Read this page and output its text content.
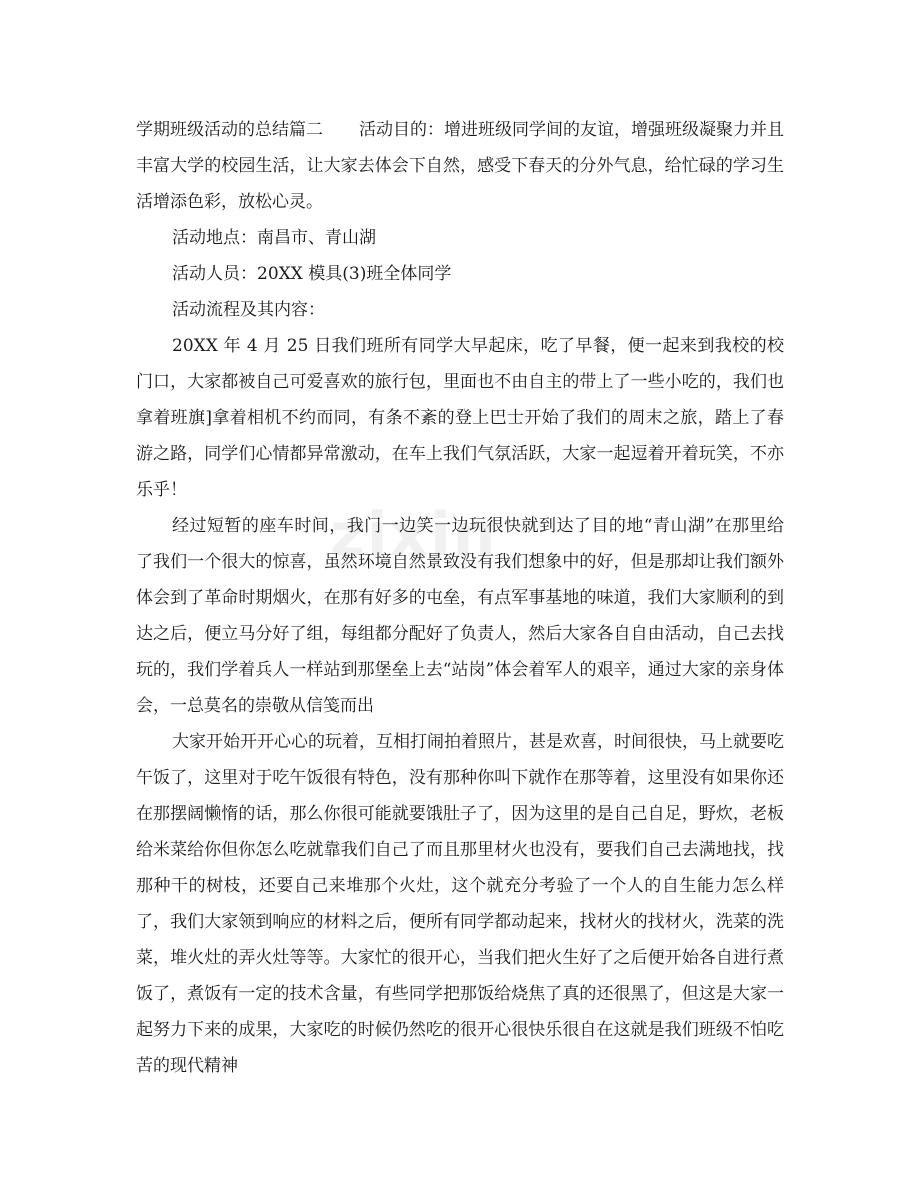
zixin

学期班级活动的总结篇二 活动目的：增进班级同学间的友谊，增强班级凝聚力并且丰富大学的校园生活，让大家去体会下自然，感受下春天的分外气息，给忙碌的学习生活增添色彩，放松心灵。

活动地点：南昌市、青山湖

活动人员：20XX 模具(3)班全体同学

活动流程及其内容：

20XX 年 4 月 25 日我们班所有同学大早起床，吃了早餐，便一起来到我校的校门口，大家都被自己可爱喜欢的旅行包，里面也不由自主的带上了一些小吃的，我们也拿着班旗]拿着相机不约而同，有条不紊的登上巴士开始了我们的周末之旅，踏上了春游之路，同学们心情都异常激动，在车上我们气氛活跃，大家一起逗着开着玩笑，不亦乐乎！

经过短暂的座车时间，我门一边笑一边玩很快就到达了目的地“青山湖”在那里给了我们一个很大的惊喜，虽然环境自然景致没有我们想象中的好，但是那却让我们额外体会到了革命时期烟火，在那有好多的屯垒，有点军事基地的味道，我们大家顺利的到达之后，便立马分好了组，每组都分配好了负责人，然后大家各自自由活动，自己去找玩的，我们学着兵人一样站到那堡垒上去“站岗”体会着军人的艰辛，通过大家的亲身体会，一总莫名的崇敬从信笺而出

大家开始开开心心的玩着，互相打闹拍着照片，甚是欢喜，时间很快，马上就要吃午饭了，这里对于吃午饭很有特色，没有那种你叫下就作在那等着，这里没有如果你还在那摆阔懒惰的话，那么你很可能就要饿肚子了，因为这里的是自己自足，野炊，老板给米菜给你但你怎么吃就靠我们自己了而且那里材火也没有，要我们自己去满地找，找那种干的树枝，还要自己来堆那个火灶，这个就充分考验了一个人的自生能力怎么样了，我们大家领到响应的材料之后，便所有同学都动起来，找材火的找材火，洗菜的洗菜，堆火灶的弄火灶等等。大家忙的很开心，当我们把火生好了之后便开始各自进行煮饭了，煮饭有一定的技术含量，有些同学把那饭给烧焦了真的还很黑了，但这是大家一起努力下来的成果，大家吃的时候仍然吃的很开心很快乐很自在这就是我们班级不怕吃苦的现代精神
